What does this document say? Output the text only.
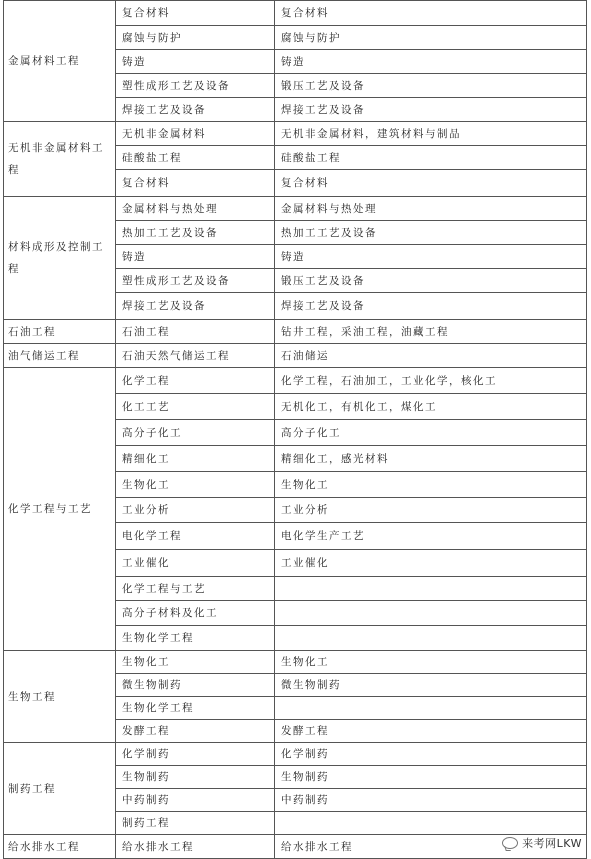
金属材料工程	复合材料	复合材料
	腐蚀与防护	腐蚀与防护
	铸造	铸造
	塑性成形工艺及设备	锻压工艺及设备
	焊接工艺及设备	焊接工艺及设备

无机非金属材料工程	无机非金属材料	无机非金属材料，建筑材料与制品
	硅酸盐工程	硅酸盐工程
	复合材料	复合材料

材料成形及控制工程	金属材料与热处理	金属材料与热处理
	热加工工艺及设备	热加工工艺及设备
	铸造	铸造
	塑性成形工艺及设备	锻压工艺及设备
	焊接工艺及设备	焊接工艺及设备

石油工程	石油工程	钻井工程，采油工程，油藏工程

油气储运工程	石油天然气储运工程	石油储运

化学工程与工艺	化学工程	化学工程，石油加工，工业化学，核化工
	化工工艺	无机化工，有机化工，煤化工
	高分子化工	高分子化工
	精细化工	精细化工，感光材料
	生物化工	生物化工
	工业分析	工业分析
	电化学工程	电化学生产工艺
	工业催化	工业催化
	化学工程与工艺	
	高分子材料及化工	
	生物化学工程	

生物工程	生物化工	生物化工
	微生物制药	微生物制药
	生物化学工程	
	发酵工程	发酵工程

制药工程	化学制药	化学制药
	生物制药	生物制药
	中药制药	中药制药
	制药工程	

给水排水工程	给水排水工程	给水排水工程	来考网LKW
